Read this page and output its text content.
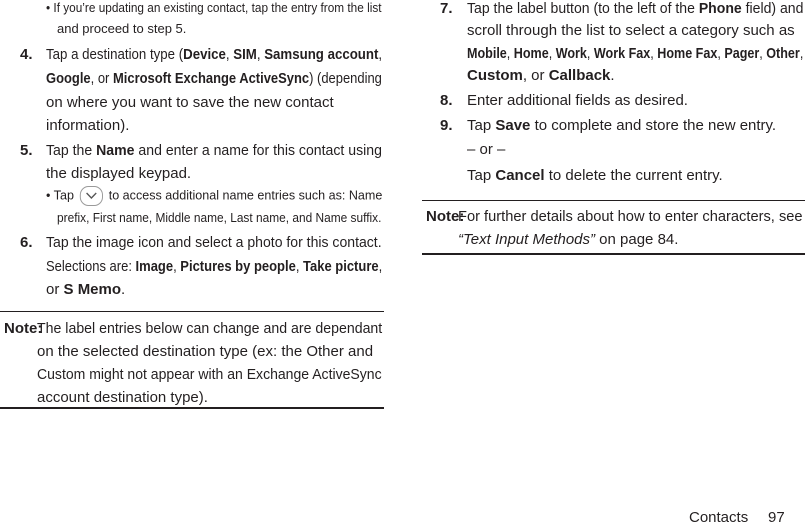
• If you’re updating an existing contact, tap the entry from the list
and proceed to step 5.
4. Tap a destination type (Device, SIM, Samsung account,
Google, or Microsoft Exchange ActiveSync) (depending
on where you want to save the new contact
information).
5. Tap the Name and enter a name for this contact using
the displayed keypad.
• Tap	to access additional name entries such as: Name
prefix, First name, Middle name, Last name, and Name suffix.
6. Tap the image icon and select a photo for this contact.
Selections are: Image, Pictures by people, Take picture,
or S Memo.
Note:
The label entries below can change and are dependant
on the selected destination type (ex: the Other and
Custom might not appear with an Exchange ActiveSync
account destination type).
7. Tap the label button (to the left of the Phone field) and
scroll through the list to select a category such as
Mobile, Home, Work, Work Fax, Home Fax, Pager, Other,
Custom, or Callback.
8. Enter additional fields as desired.
9. Tap Save to complete and store the new entry.
– or –
Tap Cancel to delete the current entry.
Note:
For further details about how to enter characters, see
“Text Input Methods” on page 84.
Contacts 97
